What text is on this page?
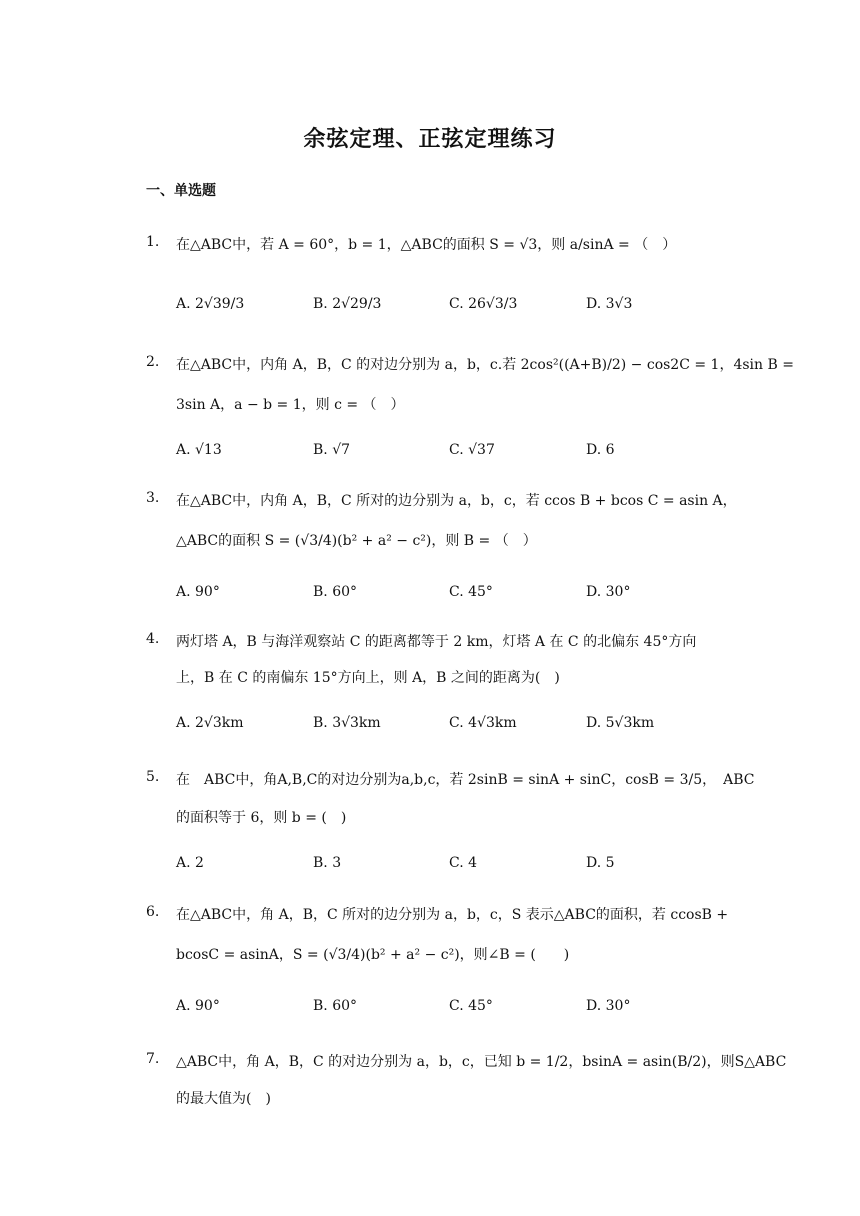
余弦定理、正弦定理练习
一、单选题
1.	在△ABC中，若 A = 60°，b = 1，△ABC的面积 S = √3，则 a/sinA = （　）
A. 2√39/3	B. 2√29/3	C. 26√3/3	D. 3√3
2.	在△ABC中，内角 A，B，C 的对边分别为 a，b，c.若 2cos²((A+B)/2) − cos2C = 1，4sin B =
3sin A，a − b = 1，则 c = （　）
A. √13	B. √7	C. √37	D. 6
3.	在△ABC中，内角 A，B，C 所对的边分别为 a，b，c，若 ccos B + bcos C = asin A，
△ABC的面积 S = (√3/4)(b² + a² − c²)，则 B = （　）
A. 90°	B. 60°	C. 45°	D. 30°
4.	两灯塔 A，B 与海洋观察站 C 的距离都等于 2 km，灯塔 A 在 C 的北偏东 45°方向
上，B 在 C 的南偏东 15°方向上，则 A，B 之间的距离为(　)
A. 2√3km	B. 3√3km	C. 4√3km	D. 5√3km
5.	在　ABC中，角A,B,C的对边分别为a,b,c，若 2sinB = sinA + sinC，cosB = 3/5，　ABC
的面积等于 6，则 b = (　)
A. 2	B. 3	C. 4	D. 5
6.	在△ABC中，角 A，B，C 所对的边分别为 a，b，c，S 表示△ABC的面积，若 ccosB +
bcosC = asinA，S = (√3/4)(b² + a² − c²)，则∠B = (　　)
A. 90°	B. 60°	C. 45°	D. 30°
7.	△ABC中，角 A，B，C 的对边分别为 a，b，c，已知 b = 1/2，bsinA = asin(B/2)，则S△ABC
的最大值为(　)
